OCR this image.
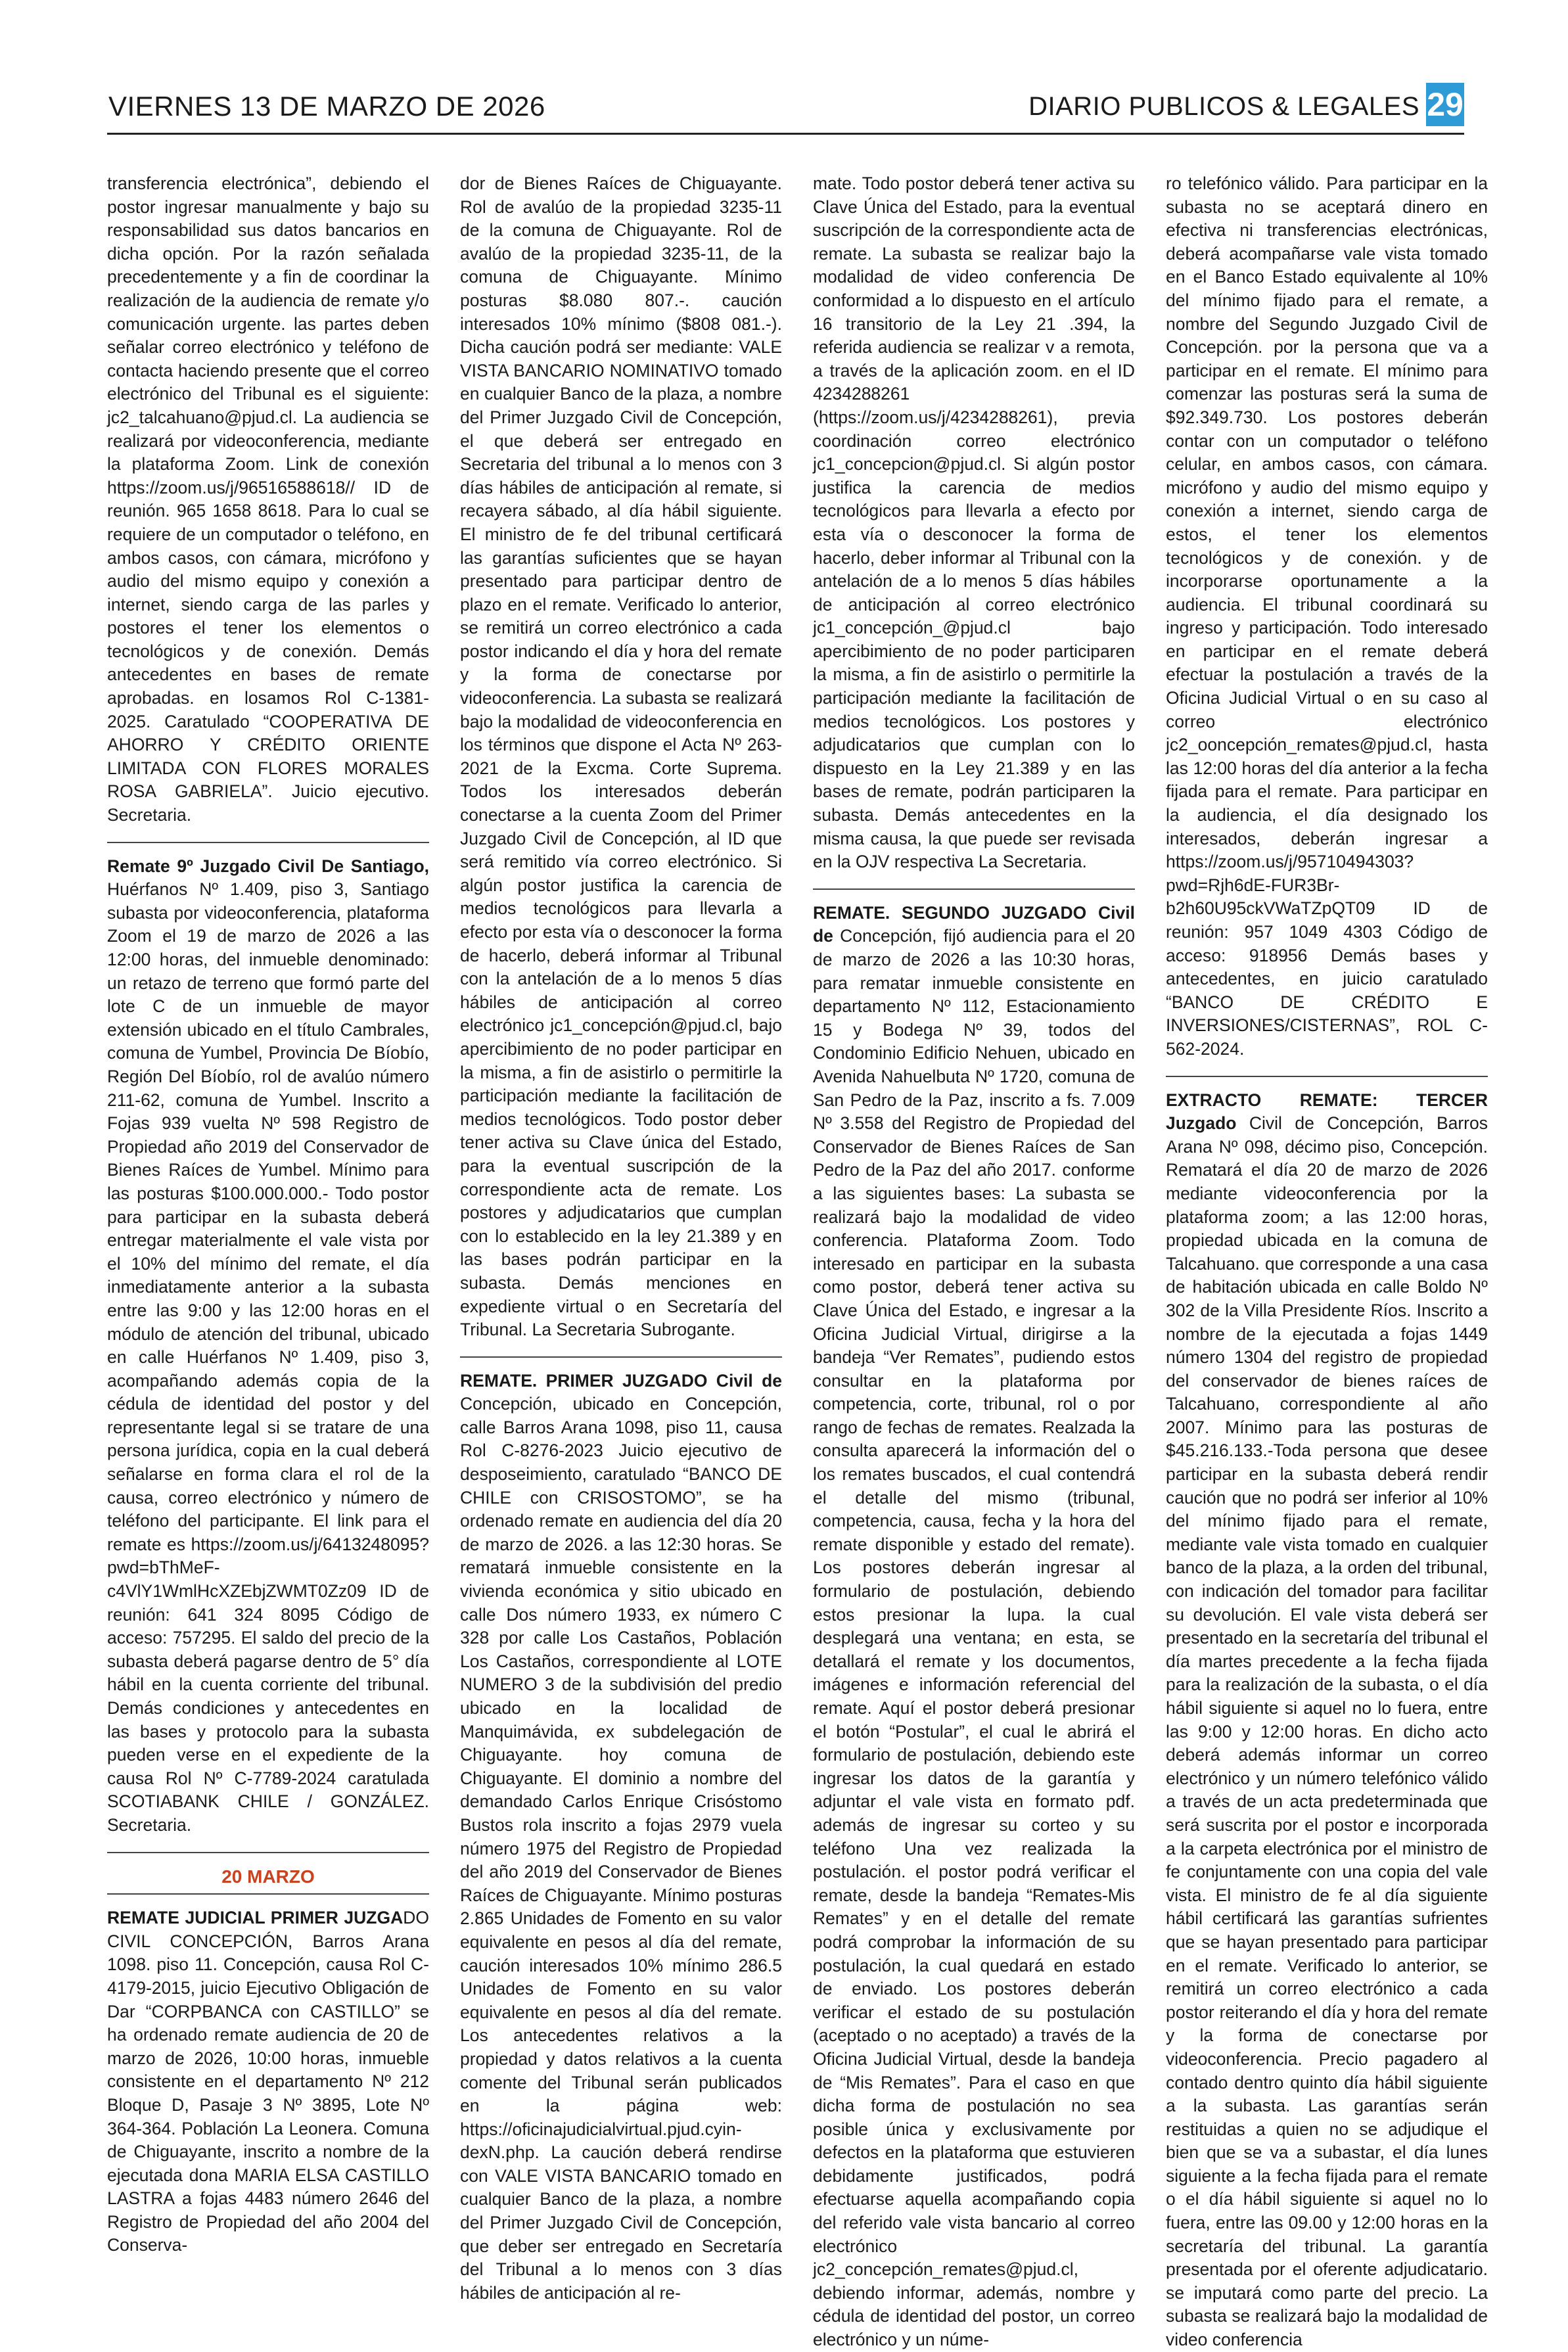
VIERNES 13 DE MARZO DE 2026	DIARIO PUBLICOS & LEGALES 29

transferencia electrónica”, debiendo el postor ingresar manualmente y bajo su responsabilidad sus datos bancarios en dicha opción. Por la razón señalada precedentemente y a fin de coordinar la realización de la audiencia de remate y/o comunicación urgente. las partes deben señalar correo electrónico y teléfono de contacta haciendo presente que el correo electrónico del Tribunal es el siguiente: jc2_talcahuano@pjud.cl. La audiencia se realizará por videoconferencia, mediante la plataforma Zoom. Link de conexión https://zoom.us/j/96516588618// ID de reunión. 965 1658 8618. Para lo cual se requiere de un computador o teléfono, en ambos casos, con cámara, micrófono y audio del mismo equipo y conexión a internet, siendo carga de las parles y postores el tener los elementos o tecnológicos y de conexión. Demás antecedentes en bases de remate aprobadas. en losamos Rol C-1381-2025. Caratulado “COOPERATIVA DE AHORRO Y CRÉDITO ORIENTE LIMITADA CON FLORES MORALES ROSA GABRIELA”. Juicio ejecutivo. Secretaria.

Remate 9º Juzgado Civil De Santiago, Huérfanos Nº 1.409, piso 3, Santiago subasta por videoconferencia, plataforma Zoom el 19 de marzo de 2026 a las 12:00 horas, del inmueble denominado: un retazo de terreno que formó parte del lote C de un inmueble de mayor extensión ubicado en el título Cambrales, comuna de Yumbel, Provincia De Bíobío, Región Del Bíobío, rol de avalúo número 211-62, comuna de Yumbel. Inscrito a Fojas 939 vuelta Nº 598 Registro de Propiedad año 2019 del Conservador de Bienes Raíces de Yumbel. Mínimo para las posturas $100.000.000.- Todo postor para participar en la subasta deberá entregar materialmente el vale vista por el 10% del mínimo del remate, el día inmediatamente anterior a la subasta entre las 9:00 y las 12:00 horas en el módulo de atención del tribunal, ubicado en calle Huérfanos Nº 1.409, piso 3, acompañando además copia de la cédula de identidad del postor y del representante legal si se tratare de una persona jurídica, copia en la cual deberá señalarse en forma clara el rol de la causa, correo electrónico y número de teléfono del participante. El link para el remate es https://zoom.us/j/6413248095?pwd=bThMeF-c4VlY1WmlHcXZEbjZWMT0Zz09 ID de reunión: 641 324 8095 Código de acceso: 757295. El saldo del precio de la subasta deberá pagarse dentro de 5° día hábil en la cuenta corriente del tribunal. Demás condiciones y antecedentes en las bases y protocolo para la subasta pueden verse en el expediente de la causa Rol Nº C-7789-2024 caratulada SCOTIABANK CHILE / GONZÁLEZ. Secretaria.

20 MARZO

REMATE JUDICIAL PRIMER JUZGADO CIVIL CONCEPCIÓN, Barros Arana 1098. piso 11. Concepción, causa Rol C-4179-2015, juicio Ejecutivo Obligación de Dar “CORPBANCA con CASTILLO” se ha ordenado remate audiencia de 20 de marzo de 2026, 10:00 horas, inmueble consistente en el departamento Nº 212 Bloque D, Pasaje 3 Nº 3895, Lote Nº 364-364. Población La Leonera. Comuna de Chiguayante, inscrito a nombre de la ejecutada dona MARIA ELSA CASTILLO LASTRA a fojas 4483 número 2646 del Registro de Propiedad del año 2004 del Conserva-

dor de Bienes Raíces de Chiguayante. Rol de avalúo de la propiedad 3235-11 de la comuna de Chiguayante. Rol de avalúo de la propiedad 3235-11, de la comuna de Chiguayante. Mínimo posturas $8.080 807.-. caución interesados 10% mínimo ($808 081.-). Dicha caución podrá ser mediante: VALE VISTA BANCARIO NOMINATIVO tomado en cualquier Banco de la plaza, a nombre del Primer Juzgado Civil de Concepción, el que deberá ser entregado en Secretaria del tribunal a lo menos con 3 días hábiles de anticipación al remate, si recayera sábado, al día hábil siguiente. El ministro de fe del tribunal certificará las garantías suficientes que se hayan presentado para participar dentro de plazo en el remate. Verificado lo anterior, se remitirá un correo electrónico a cada postor indicando el día y hora del remate y la forma de conectarse por videoconferencia. La subasta se realizará bajo la modalidad de videoconferencia en los términos que dispone el Acta Nº 263-2021 de la Excma. Corte Suprema. Todos los interesados deberán conectarse a la cuenta Zoom del Primer Juzgado Civil de Concepción, al ID que será remitido vía correo electrónico. Si algún postor justifica la carencia de medios tecnológicos para llevarla a efecto por esta vía o desconocer la forma de hacerlo, deberá informar al Tribunal con la antelación de a lo menos 5 días hábiles de anticipación al correo electrónico jc1_concepción@pjud.cl, bajo apercibimiento de no poder participar en la misma, a fin de asistirlo o permitirle la participación mediante la facilitación de medios tecnológicos. Todo postor deber tener activa su Clave única del Estado, para la eventual suscripción de la correspondiente acta de remate. Los postores y adjudicatarios que cumplan con lo establecido en la ley 21.389 y en las bases podrán participar en la subasta. Demás menciones en expediente virtual o en Secretaría del Tribunal. La Secretaria Subrogante.

REMATE. PRIMER JUZGADO Civil de Concepción, ubicado en Concepción, calle Barros Arana 1098, piso 11, causa Rol C-8276-2023 Juicio ejecutivo de desposeimiento, caratulado “BANCO DE CHILE con CRISOSTOMO”, se ha ordenado remate en audiencia del día 20 de marzo de 2026. a las 12:30 horas. Se rematará inmueble consistente en la vivienda económica y sitio ubicado en calle Dos número 1933, ex número C 328 por calle Los Castaños, Población Los Castaños, correspondiente al LOTE NUMERO 3 de la subdivisión del predio ubicado en la localidad de Manquimávida, ex subdelegación de Chiguayante. hoy comuna de Chiguayante. El dominio a nombre del demandado Carlos Enrique Crisóstomo Bustos rola inscrito a fojas 2979 vuela número 1975 del Registro de Propiedad del año 2019 del Conservador de Bienes Raíces de Chiguayante. Mínimo posturas 2.865 Unidades de Fomento en su valor equivalente en pesos al día del remate, caución interesados 10% mínimo 286.5 Unidades de Fomento en su valor equivalente en pesos al día del remate. Los antecedentes relativos a la propiedad y datos relativos a la cuenta comente del Tribunal serán publicados en la página web: https://oficinajudicialvirtual.pjud.cyin-dexN.php. La caución deberá rendirse con VALE VISTA BANCARIO tomado en cualquier Banco de la plaza, a nombre del Primer Juzgado Civil de Concepción, que deber ser entregado en Secretaría del Tribunal a lo menos con 3 días hábiles de anticipación al re-

mate. Todo postor deberá tener activa su Clave Única del Estado, para la eventual suscripción de la correspondiente acta de remate. La subasta se realizar bajo la modalidad de video conferencia De conformidad a lo dispuesto en el artículo 16 transitorio de la Ley 21 .394, la referida audiencia se realizar v a remota, a través de la aplicación zoom. en el ID 4234288261 (https://zoom.us/j/4234288261), previa coordinación correo electrónico jc1_concepcion@pjud.cl. Si algún postor justifica la carencia de medios tecnológicos para llevarla a efecto por esta vía o desconocer la forma de hacerlo, deber informar al Tribunal con la antelación de a lo menos 5 días hábiles de anticipación al correo electrónico jc1_concepción_@pjud.cl bajo apercibimiento de no poder participaren la misma, a fin de asistirlo o permitirle la participación mediante la facilitación de medios tecnológicos. Los postores y adjudicatarios que cumplan con lo dispuesto en la Ley 21.389 y en las bases de remate, podrán participaren la subasta. Demás antecedentes en la misma causa, la que puede ser revisada en la OJV respectiva La Secretaria.

REMATE. SEGUNDO JUZGADO Civil de Concepción, fijó audiencia para el 20 de marzo de 2026 a las 10:30 horas, para rematar inmueble consistente en departamento Nº 112, Estacionamiento 15 y Bodega Nº 39, todos del Condominio Edificio Nehuen, ubicado en Avenida Nahuelbuta Nº 1720, comuna de San Pedro de la Paz, inscrito a fs. 7.009 Nº 3.558 del Registro de Propiedad del Conservador de Bienes Raíces de San Pedro de la Paz del año 2017. conforme a las siguientes bases: La subasta se realizará bajo la modalidad de video conferencia. Plataforma Zoom. Todo interesado en participar en la subasta como postor, deberá tener activa su Clave Única del Estado, e ingresar a la Oficina Judicial Virtual, dirigirse a la bandeja “Ver Remates”, pudiendo estos consultar en la plataforma por competencia, corte, tribunal, rol o por rango de fechas de remates. Realzada la consulta aparecerá la información del o los remates buscados, el cual contendrá el detalle del mismo (tribunal, competencia, causa, fecha y la hora del remate disponible y estado del remate). Los postores deberán ingresar al formulario de postulación, debiendo estos presionar la lupa. la cual desplegará una ventana; en esta, se detallará el remate y los documentos, imágenes e información referencial del remate. Aquí el postor deberá presionar el botón “Postular”, el cual le abrirá el formulario de postulación, debiendo este ingresar los datos de la garantía y adjuntar el vale vista en formato pdf. además de ingresar su corteo y su teléfono Una vez realizada la postulación. el postor podrá verificar el remate, desde la bandeja “Remates-Mis Remates” y en el detalle del remate podrá comprobar la información de su postulación, la cual quedará en estado de enviado. Los postores deberán verificar el estado de su postulación (aceptado o no aceptado) a través de la Oficina Judicial Virtual, desde la bandeja de “Mis Remates”. Para el caso en que dicha forma de postulación no sea posible única y exclusivamente por defectos en la plataforma que estuvieren debidamente justificados, podrá efectuarse aquella acompañando copia del referido vale vista bancario al correo electrónico jc2_concepción_remates@pjud.cl, debiendo informar, además, nombre y cédula de identidad del postor, un correo electrónico y un núme-

ro telefónico válido. Para participar en la subasta no se aceptará dinero en efectiva ni transferencias electrónicas, deberá acompañarse vale vista tomado en el Banco Estado equivalente al 10% del mínimo fijado para el remate, a nombre del Segundo Juzgado Civil de Concepción. por la persona que va a participar en el remate. El mínimo para comenzar las posturas será la suma de $92.349.730. Los postores deberán contar con un computador o teléfono celular, en ambos casos, con cámara. micrófono y audio del mismo equipo y conexión a internet, siendo carga de estos, el tener los elementos tecnológicos y de conexión. y de incorporarse oportunamente a la audiencia. El tribunal coordinará su ingreso y participación. Todo interesado en participar en el remate deberá efectuar la postulación a través de la Oficina Judicial Virtual o en su caso al correo electrónico jc2_ooncepción_remates@pjud.cl, hasta las 12:00 horas del día anterior a la fecha fijada para el remate. Para participar en la audiencia, el día designado los interesados, deberán ingresar a https://zoom.us/j/95710494303?pwd=Rjh6dE-FUR3Br-b2h60U95ckVWaTZpQT09 ID de reunión: 957 1049 4303 Código de acceso: 918956 Demás bases y antecedentes, en juicio caratulado “BANCO DE CRÉDITO E INVERSIONES/CISTERNAS”, ROL C-562-2024.

EXTRACTO REMATE: TERCER Juzgado Civil de Concepción, Barros Arana Nº 098, décimo piso, Concepción. Rematará el día 20 de marzo de 2026 mediante videoconferencia por la plataforma zoom; a las 12:00 horas, propiedad ubicada en la comuna de Talcahuano. que corresponde a una casa de habitación ubicada en calle Boldo Nº 302 de la Villa Presidente Ríos. Inscrito a nombre de la ejecutada a fojas 1449 número 1304 del registro de propiedad del conservador de bienes raíces de Talcahuano, correspondiente al año 2007. Mínimo para las posturas de $45.216.133.-Toda persona que desee participar en la subasta deberá rendir caución que no podrá ser inferior al 10% del mínimo fijado para el remate, mediante vale vista tomado en cualquier banco de la plaza, a la orden del tribunal, con indicación del tomador para facilitar su devolución. El vale vista deberá ser presentado en la secretaría del tribunal el día martes precedente a la fecha fijada para la realización de la subasta, o el día hábil siguiente si aquel no lo fuera, entre las 9:00 y 12:00 horas. En dicho acto deberá además informar un correo electrónico y un número telefónico válido a través de un acta predeterminada que será suscrita por el postor e incorporada a la carpeta electrónica por el ministro de fe conjuntamente con una copia del vale vista. El ministro de fe al día siguiente hábil certificará las garantías sufrientes que se hayan presentado para participar en el remate. Verificado lo anterior, se remitirá un correo electrónico a cada postor reiterando el día y hora del remate y la forma de conectarse por videoconferencia. Precio pagadero al contado dentro quinto día hábil siguiente a la subasta. Las garantías serán restituidas a quien no se adjudique el bien que se va a subastar, el día lunes siguiente a la fecha fijada para el remate o el día hábil siguiente si aquel no lo fuera, entre las 09.00 y 12:00 horas en la secretaría del tribunal. La garantía presentada por el oferente adjudicatario. se imputará como parte del precio. La subasta se realizará bajo la modalidad de video conferencia
